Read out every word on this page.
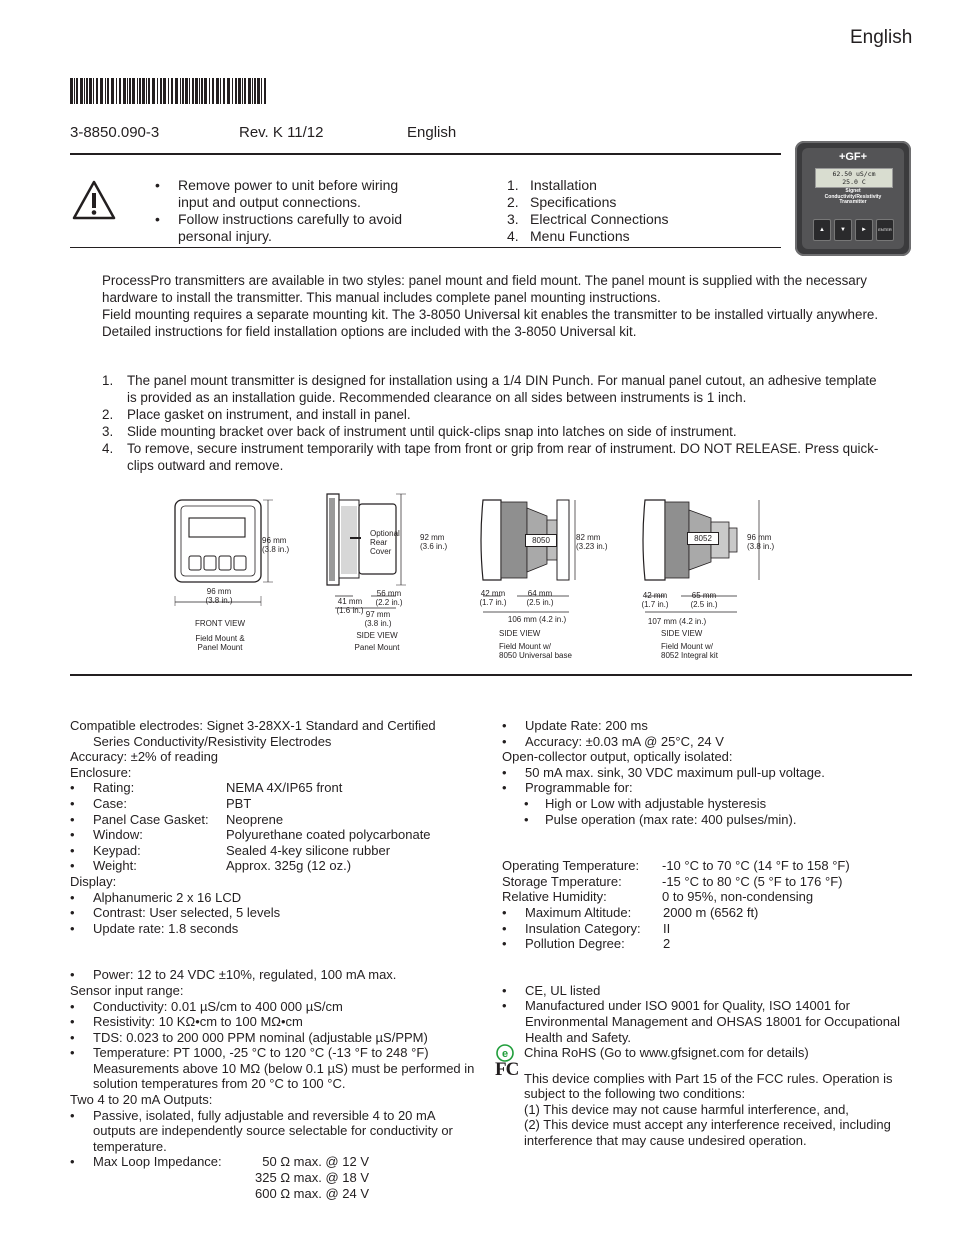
English
3-8850.090-3	Rev. K 11/12	English
• Remove power to unit before wiring input and output connections.
• Follow instructions carefully to avoid personal injury.
1. Installation
2. Specifications
3. Electrical Connections
4. Menu Functions
+GF+
62.50 uS/cm
25.0 C
Signet
Conductivity/Resistivity
Transmitter
▲	▼	►	ENTER
ProcessPro transmitters are available in two styles: panel mount and field mount. The panel mount is supplied with the necessary hardware to install the transmitter. This manual includes complete panel mounting instructions.
Field mounting requires a separate mounting kit. The 3-8050 Universal kit enables the transmitter to be installed virtually anywhere. Detailed instructions for field installation options are included with the 3-8050 Universal kit.
1. The panel mount transmitter is designed for installation using a 1/4 DIN Punch. For manual panel cutout, an adhesive template is provided as an installation guide. Recommended clearance on all sides between instruments is 1 inch.
2. Place gasket on instrument, and install in panel.
3. Slide mounting bracket over back of instrument until quick-clips snap into latches on side of instrument.
4. To remove, secure instrument temporarily with tape from front or grip from rear of instrument. DO NOT RELEASE. Press quick-clips outward and remove.
96 mm
(3.8 in.)
96 mm
(3.8 in.)
FRONT VIEW
Field Mount &
Panel Mount
Optional
Rear
Cover
92 mm
(3.6 in.)
41 mm
(1.6 in.)
56 mm
(2.2 in.)
97 mm
(3.8 in.)
SIDE VIEW
Panel Mount
8050	82 mm
(3.23 in.)
42 mm
(1.7 in.)
64 mm
(2.5 in.)
106 mm (4.2 in.)
SIDE VIEW
Field Mount w/
8050 Universal base
8052	96 mm
(3.8 in.)
42 mm
(1.7 in.)
65 mm
(2.5 in.)
107 mm (4.2 in.)
SIDE VIEW
Field Mount w/
8052 Integral kit
Compatible electrodes: Signet 3-28XX-1 Standard and Certified
Series Conductivity/Resistivity Electrodes
Accuracy: ±2% of reading
Enclosure:
• Rating:	NEMA 4X/IP65 front
• Case:	PBT
• Panel Case Gasket:	Neoprene
• Window:	Polyurethane coated polycarbonate
• Keypad:	Sealed 4-key silicone rubber
• Weight:	Approx. 325g (12 oz.)
Display:
• Alphanumeric 2 x 16 LCD
• Contrast: User selected, 5 levels
• Update rate: 1.8 seconds
• Power: 12 to 24 VDC ±10%, regulated, 100 mA max.
Sensor input range:
• Conductivity: 0.01 µS/cm to 400 000 µS/cm
• Resistivity: 10 KΩ•cm to 100 MΩ•cm
• TDS: 0.023 to 200 000 PPM nominal (adjustable µS/PPM)
• Temperature: PT 1000, -25 °C to 120 °C (-13 °F to 248 °F) Measurements above 10 MΩ (below 0.1 µS) must be performed in solution temperatures from 20 °C to 100 °C.
Two 4 to 20 mA Outputs:
• Passive, isolated, fully adjustable and reversible 4 to 20 mA outputs are independently source selectable for conductivity or temperature.
• Max Loop Impedance:	50 Ω max. @ 12 V
325 Ω max. @ 18 V
600 Ω max. @ 24 V
• Update Rate: 200 ms
• Accuracy: ±0.03 mA @ 25°C, 24 V
Open-collector output, optically isolated:
• 50 mA max. sink, 30 VDC maximum pull-up voltage.
• Programmable for:
• High or Low with adjustable hysteresis
• Pulse operation (max rate: 400 pulses/min).
Operating Temperature:	-10 °C to 70 °C (14 °F to 158 °F)
Storage Tmperature:	-15 °C to 80 °C (5 °F to 176 °F)
Relative Humidity:	0 to 95%, non-condensing
• Maximum Altitude:	2000 m (6562 ft)
• Insulation Category:	II
• Pollution Degree:	2
• CE, UL listed
• Manufactured under ISO 9001 for Quality, ISO 14001 for Environmental Management and OHSAS 18001 for Occupational Health and Safety.
e China RoHS (Go to www.gfsignet.com for details)
FC This device complies with Part 15 of the FCC rules. Operation is subject to the following two conditions:
(1) This device may not cause harmful interference, and,
(2) This device must accept any interference received, including interference that may cause undesired operation.
